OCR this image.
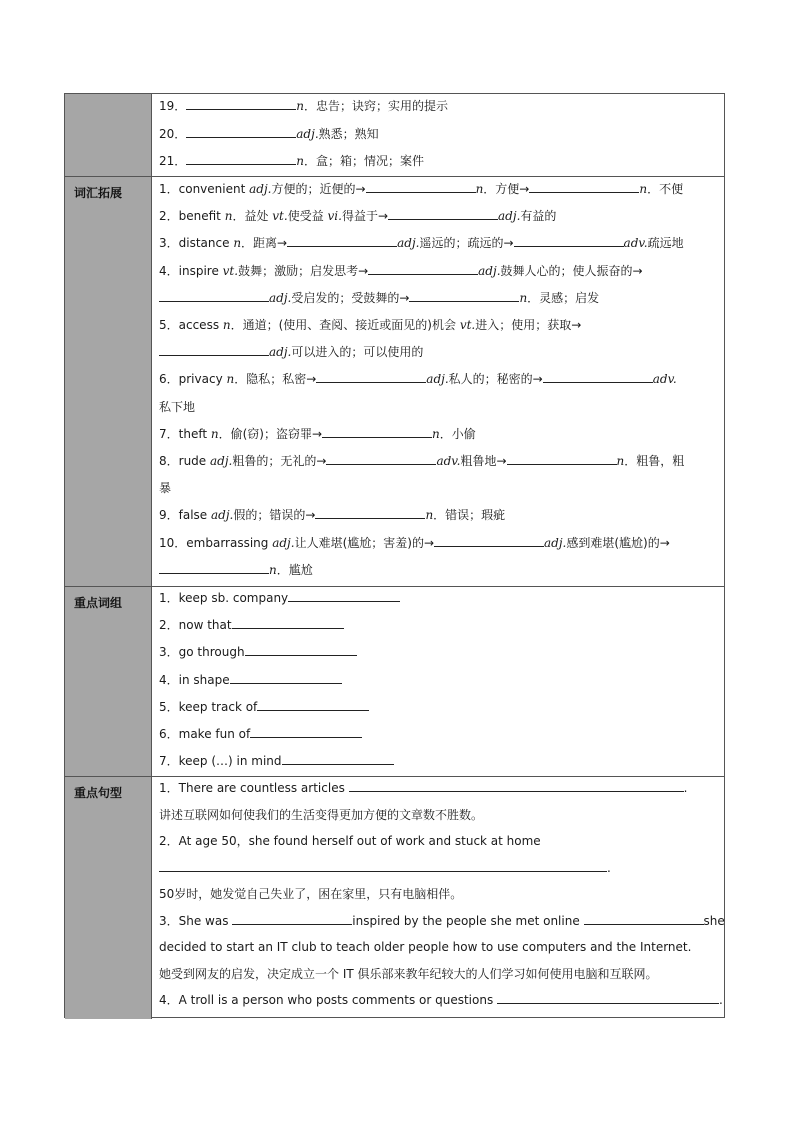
19．	n．忠告；诀窍；实用的提示
20．	adj.熟悉；熟知
21．	n．盒；箱；情况；案件
词汇拓展	1．convenient adj.方便的；近便的→	n．方便→	n．不便
2．benefit n．益处 vt.使受益 vi.得益于→	adj.有益的
3．distance n．距离→	adj.遥远的；疏远的→	adv.疏远地
4．inspire vt.鼓舞；激励；启发思考→	adj.鼓舞人心的；使人振奋的→
adj.受启发的；受鼓舞的→	n．灵感；启发
5．access n．通道；(使用、查阅、接近或面见的)机会 vt.进入；使用；获取→
adj.可以进入的；可以使用的
6．privacy n．隐私；私密→	adj.私人的；秘密的→	adv.
私下地
7．theft n．偷(窃)；盗窃罪→	n．小偷
8．rude adj.粗鲁的；无礼的→	adv.粗鲁地→	n．粗鲁，粗
暴
9．false adj.假的；错误的→	n．错误；瑕疵
10．embarrassing adj.让人难堪(尴尬；害羞)的→	adj.感到难堪(尴尬)的→
n．尴尬
重点词组	1．keep sb. company
2．now that
3．go through
4．in shape
5．keep track of
6．make fun of
7．keep (…) in mind
重点句型	1．There are countless articles	.
讲述互联网如何使我们的生活变得更加方便的文章数不胜数。
2．At age 50，she found herself out of work and stuck at home
.
50岁时，她发觉自己失业了，困在家里，只有电脑相伴。
3．She was	inspired by the people she met online	she
decided to start an IT club to teach older people how to use computers and the Internet.
她受到网友的启发，决定成立一个 IT 俱乐部来教年纪较大的人们学习如何使用电脑和互联网。
4．A troll is a person who posts comments or questions	.
